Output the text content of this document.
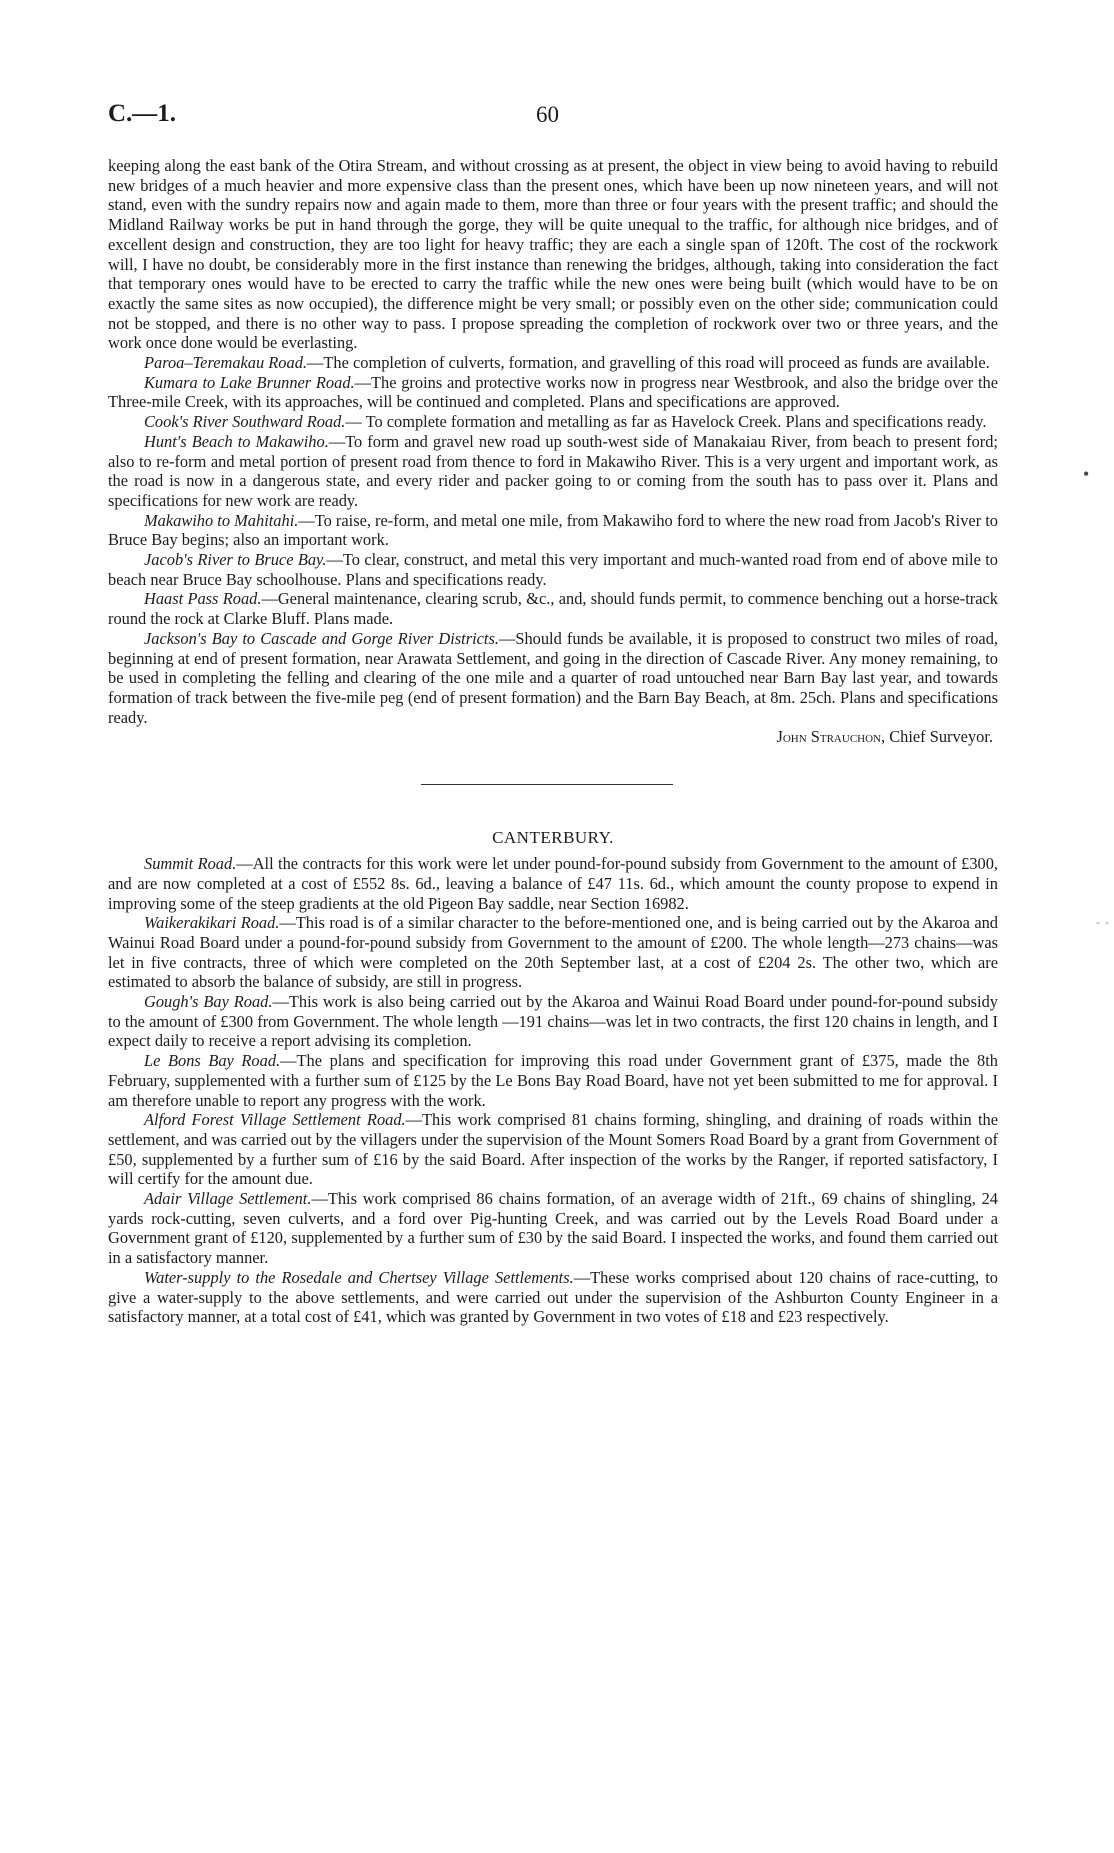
C.—1.	60

keeping along the east bank of the Otira Stream, and without crossing as at present, the object in view being to avoid having to rebuild new bridges of a much heavier and more expensive class than the present ones, which have been up now nineteen years, and will not stand, even with the sundry repairs now and again made to them, more than three or four years with the present traffic; and should the Midland Railway works be put in hand through the gorge, they will be quite unequal to the traffic, for although nice bridges, and of excellent design and construction, they are too light for heavy traffic; they are each a single span of 120ft. The cost of the rockwork will, I have no doubt, be considerably more in the first instance than renewing the bridges, although, taking into consideration the fact that temporary ones would have to be erected to carry the traffic while the new ones were being built (which would have to be on exactly the same sites as now occupied), the difference might be very small; or possibly even on the other side; communication could not be stopped, and there is no other way to pass. I propose spreading the completion of rockwork over two or three years, and the work once done would be everlasting.

Paroa–Teremakau Road.—The completion of culverts, formation, and gravelling of this road will proceed as funds are available.

Kumara to Lake Brunner Road.—The groins and protective works now in progress near Westbrook, and also the bridge over the Three-mile Creek, with its approaches, will be continued and completed. Plans and specifications are approved.

Cook's River Southward Road.— To complete formation and metalling as far as Havelock Creek. Plans and specifications ready.

Hunt's Beach to Makawiho.—To form and gravel new road up south-west side of Manakaiau River, from beach to present ford; also to re-form and metal portion of present road from thence to ford in Makawiho River. This is a very urgent and important work, as the road is now in a dangerous state, and every rider and packer going to or coming from the south has to pass over it. Plans and specifications for new work are ready.

Makawiho to Mahitahi.—To raise, re-form, and metal one mile, from Makawiho ford to where the new road from Jacob's River to Bruce Bay begins; also an important work.

Jacob's River to Bruce Bay.—To clear, construct, and metal this very important and much-wanted road from end of above mile to beach near Bruce Bay schoolhouse. Plans and specifications ready.

Haast Pass Road.—General maintenance, clearing scrub, &c., and, should funds permit, to commence benching out a horse-track round the rock at Clarke Bluff. Plans made.

Jackson's Bay to Cascade and Gorge River Districts.—Should funds be available, it is proposed to construct two miles of road, beginning at end of present formation, near Arawata Settlement, and going in the direction of Cascade River. Any money remaining, to be used in completing the felling and clearing of the one mile and a quarter of road untouched near Barn Bay last year, and towards formation of track between the five-mile peg (end of present formation) and the Barn Bay Beach, at 8m. 25ch. Plans and specifications ready.

John Strauchon, Chief Surveyor.
CANTERBURY.

Summit Road.—All the contracts for this work were let under pound-for-pound subsidy from Government to the amount of £300, and are now completed at a cost of £552 8s. 6d., leaving a balance of £47 11s. 6d., which amount the county propose to expend in improving some of the steep gradients at the old Pigeon Bay saddle, near Section 16982.

Waikerakikari Road.—This road is of a similar character to the before-mentioned one, and is being carried out by the Akaroa and Wainui Road Board under a pound-for-pound subsidy from Government to the amount of £200. The whole length—273 chains—was let in five contracts, three of which were completed on the 20th September last, at a cost of £204 2s. The other two, which are estimated to absorb the balance of subsidy, are still in progress.

Gough's Bay Road.—This work is also being carried out by the Akaroa and Wainui Road Board under pound-for-pound subsidy to the amount of £300 from Government. The whole length —191 chains—was let in two contracts, the first 120 chains in length, and I expect daily to receive a report advising its completion.

Le Bons Bay Road.—The plans and specification for improving this road under Government grant of £375, made the 8th February, supplemented with a further sum of £125 by the Le Bons Bay Road Board, have not yet been submitted to me for approval. I am therefore unable to report any progress with the work.

Alford Forest Village Settlement Road.—This work comprised 81 chains forming, shingling, and draining of roads within the settlement, and was carried out by the villagers under the supervision of the Mount Somers Road Board by a grant from Government of £50, supplemented by a further sum of £16 by the said Board. After inspection of the works by the Ranger, if reported satisfactory, I will certify for the amount due.

Adair Village Settlement.—This work comprised 86 chains formation, of an average width of 21ft., 69 chains of shingling, 24 yards rock-cutting, seven culverts, and a ford over Pig-hunting Creek, and was carried out by the Levels Road Board under a Government grant of £120, supplemented by a further sum of £30 by the said Board. I inspected the works, and found them carried out in a satisfactory manner.

Water-supply to the Rosedale and Chertsey Village Settlements.—These works comprised about 120 chains of race-cutting, to give a water-supply to the above settlements, and were carried out under the supervision of the Ashburton County Engineer in a satisfactory manner, at a total cost of £41, which was granted by Government in two votes of £18 and £23 respectively.

•
- -
